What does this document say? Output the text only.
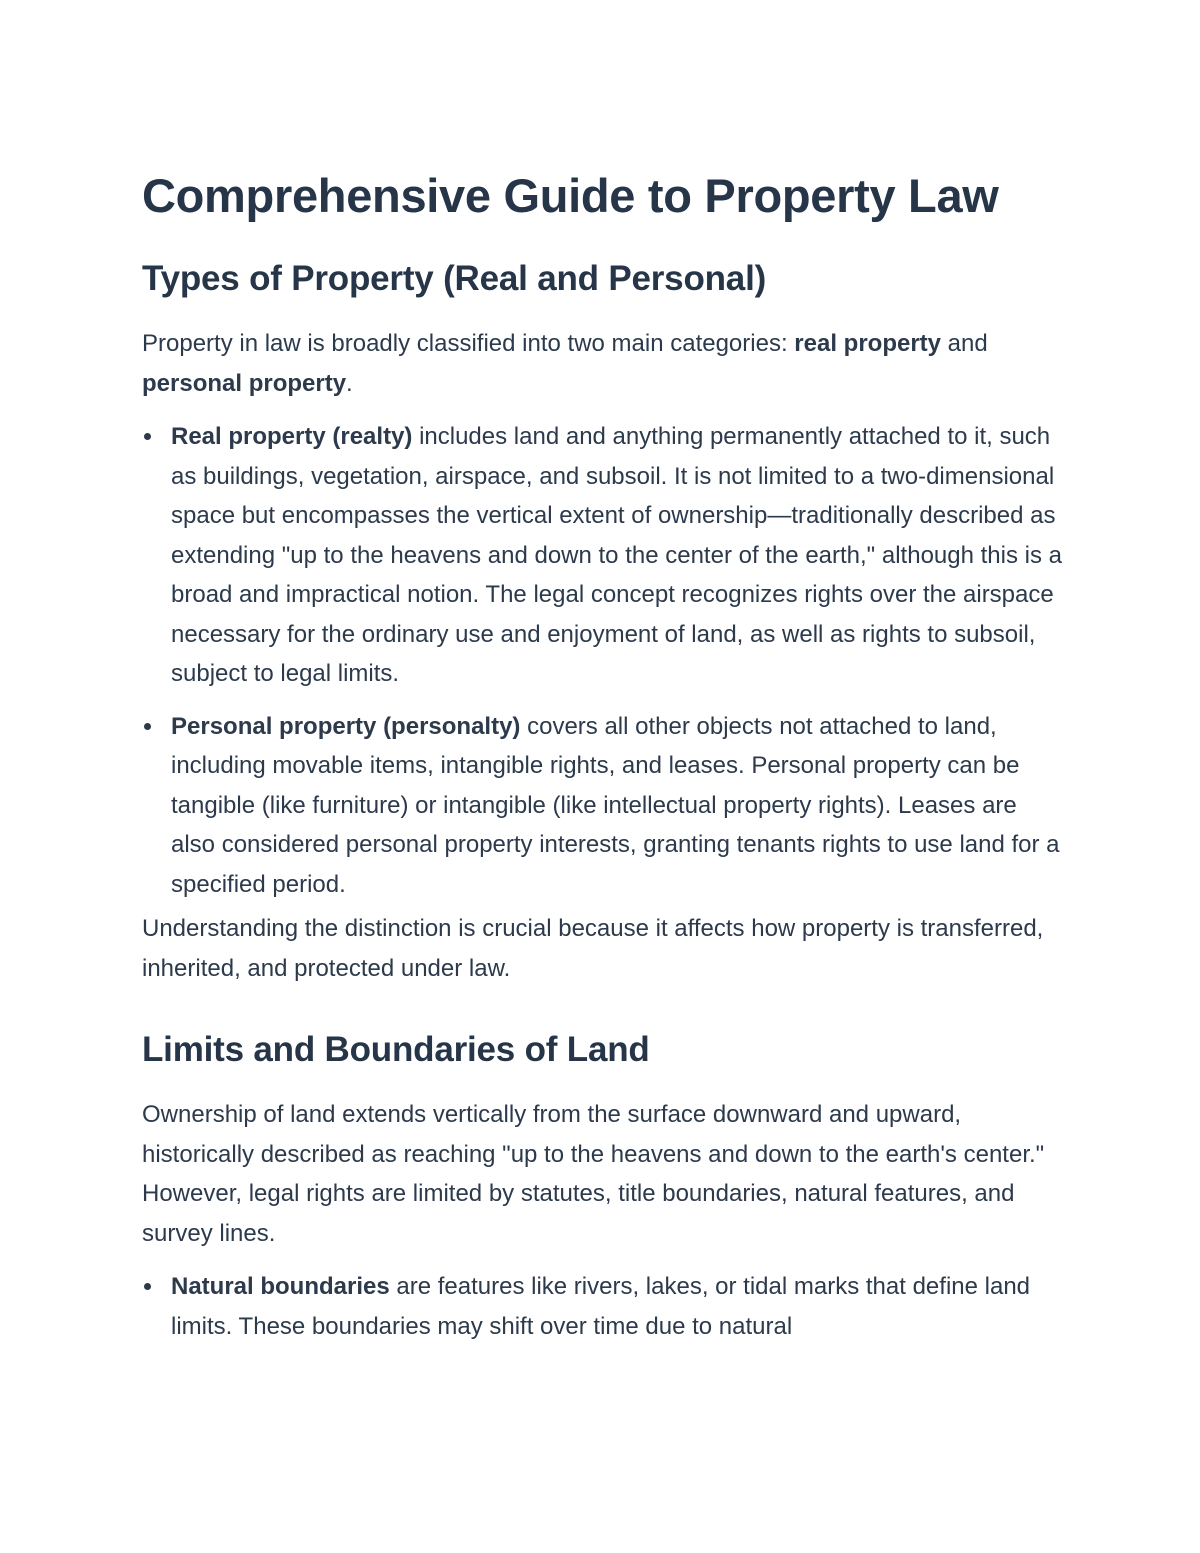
Comprehensive Guide to Property Law
Types of Property (Real and Personal)

Property in law is broadly classified into two main categories: real property and personal property.

Real property (realty) includes land and anything permanently attached to it, such as buildings, vegetation, airspace, and subsoil. It is not limited to a two-dimensional space but encompasses the vertical extent of ownership—traditionally described as extending "up to the heavens and down to the center of the earth," although this is a broad and impractical notion. The legal concept recognizes rights over the airspace necessary for the ordinary use and enjoyment of land, as well as rights to subsoil, subject to legal limits.
Personal property (personalty) covers all other objects not attached to land, including movable items, intangible rights, and leases. Personal property can be tangible (like furniture) or intangible (like intellectual property rights). Leases are also considered personal property interests, granting tenants rights to use land for a specified period.

Understanding the distinction is crucial because it affects how property is transferred, inherited, and protected under law.

Limits and Boundaries of Land

Ownership of land extends vertically from the surface downward and upward, historically described as reaching "up to the heavens and down to the earth's center." However, legal rights are limited by statutes, title boundaries, natural features, and survey lines.

Natural boundaries are features like rivers, lakes, or tidal marks that define land limits. These boundaries may shift over time due to natural
